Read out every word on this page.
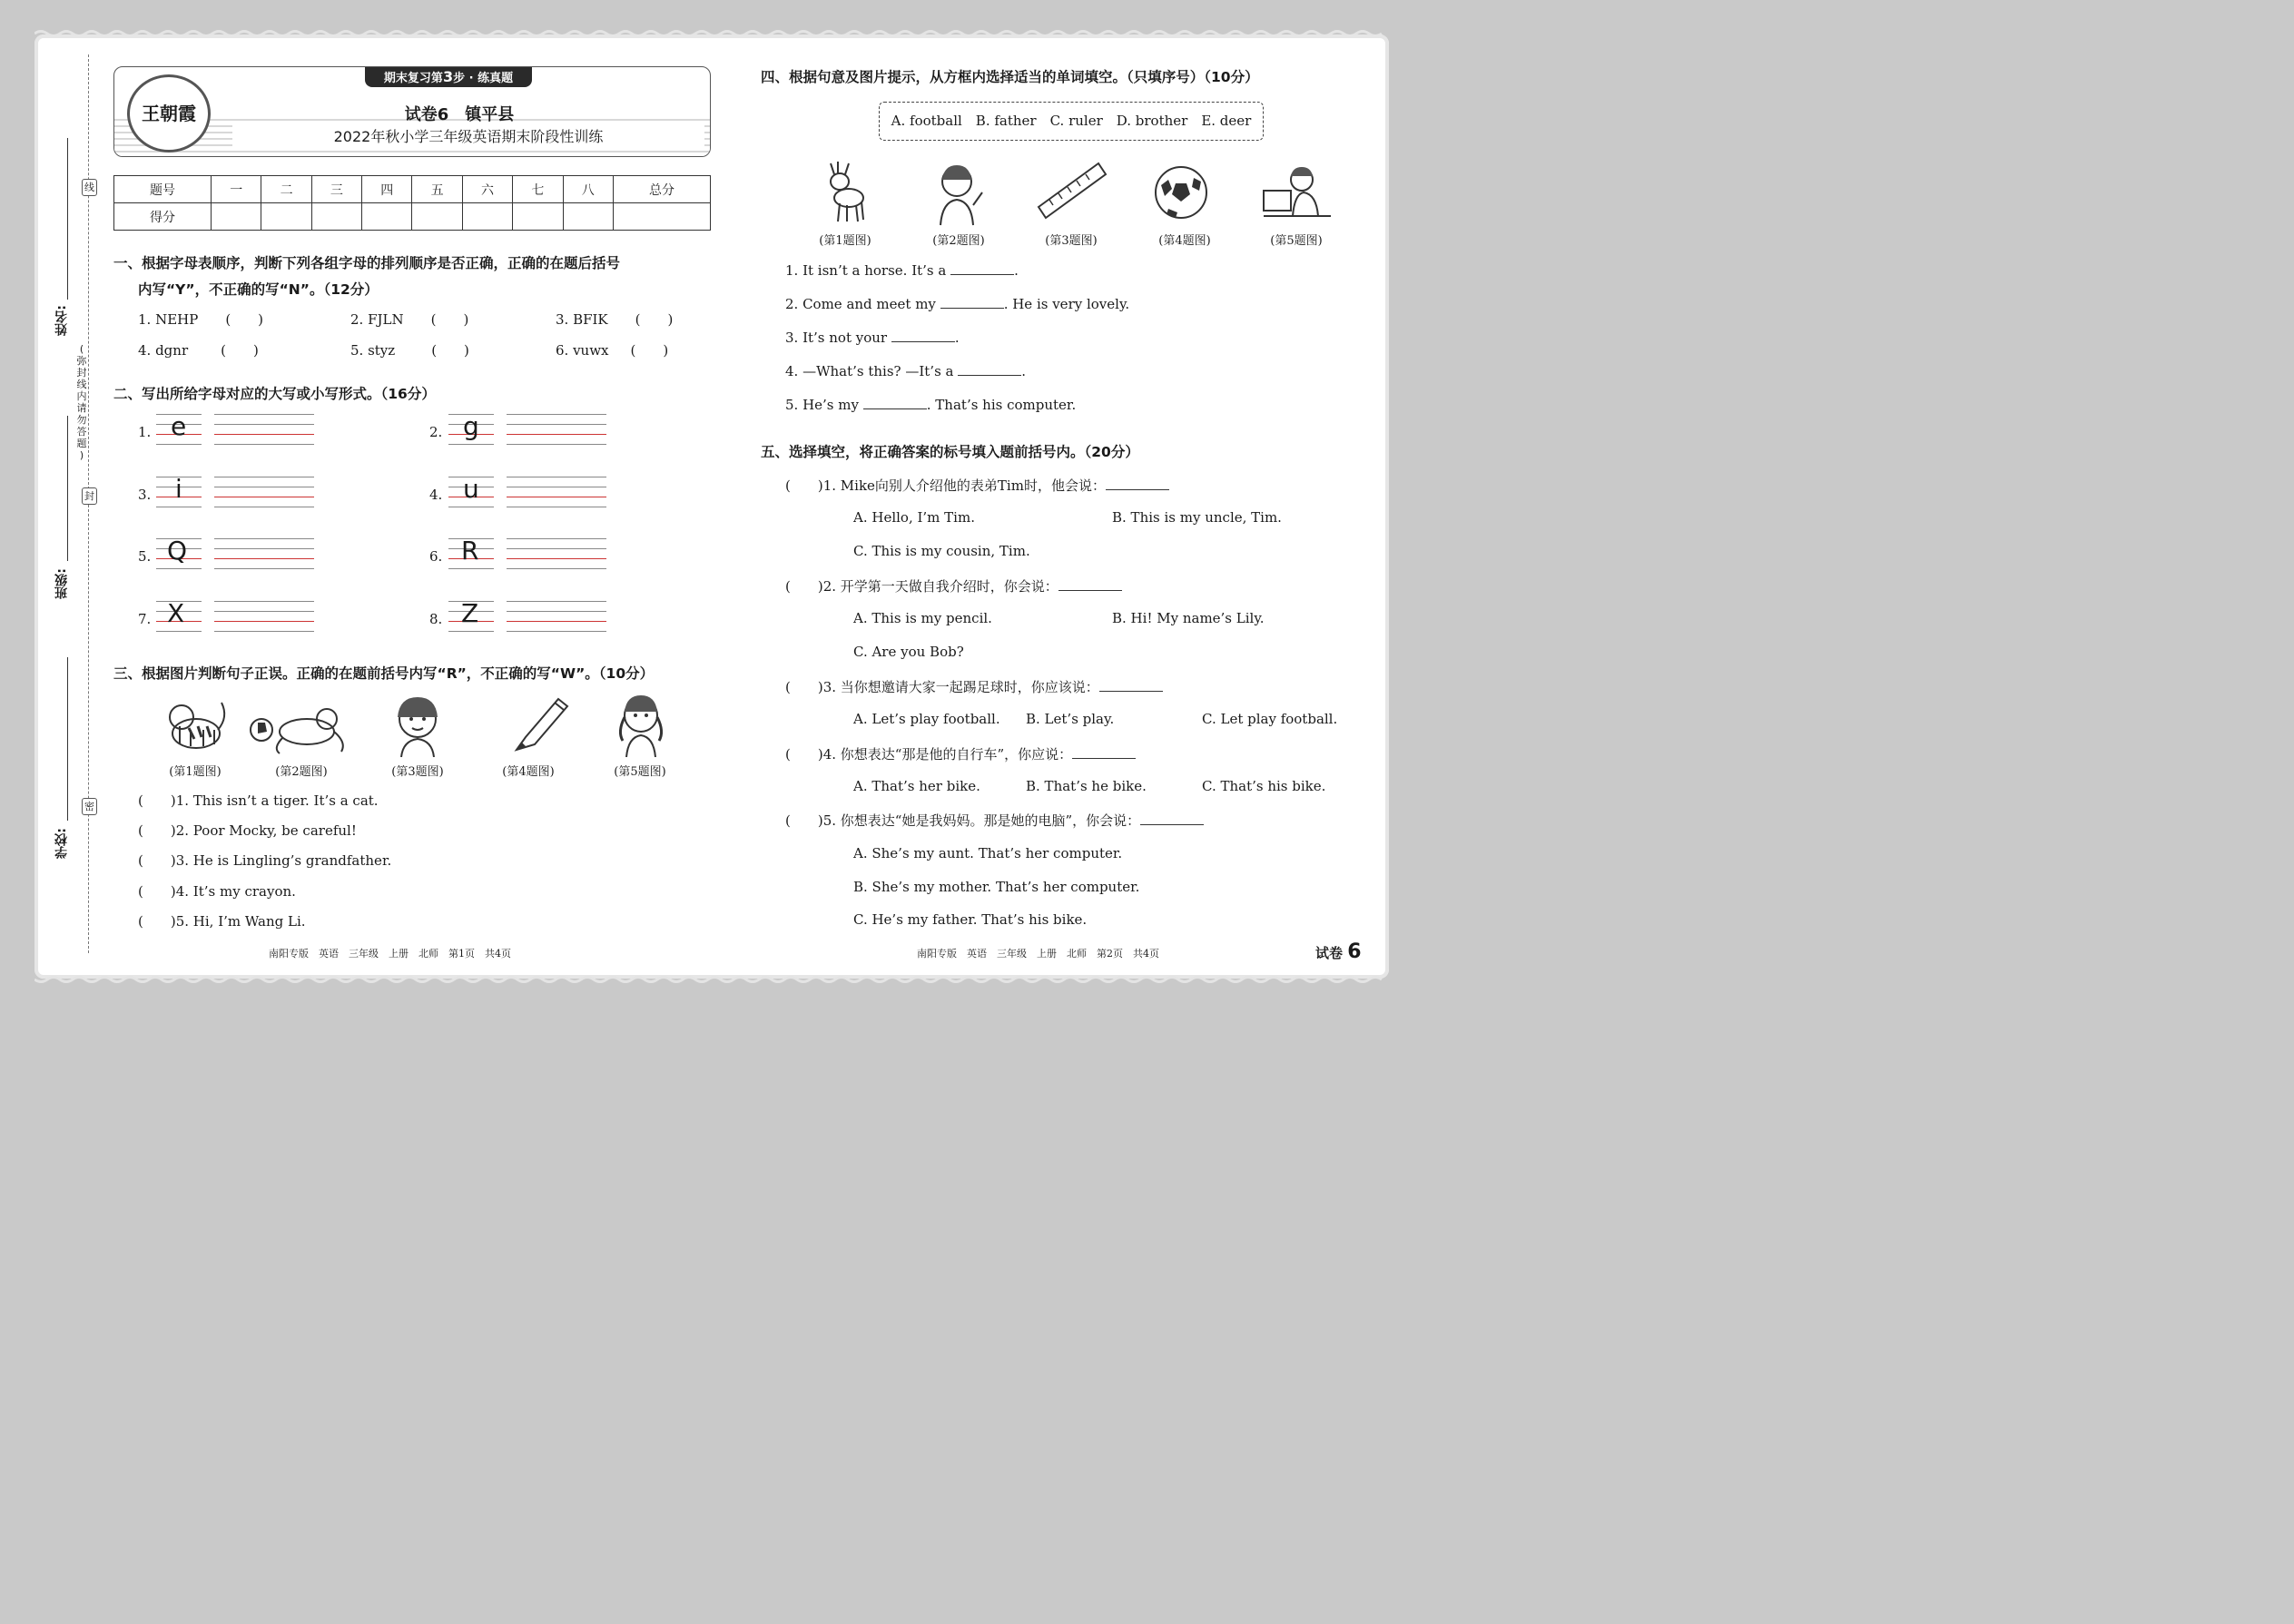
线
封
密
(
弥封线内请勿答题
)
姓名:
班级:
学校:
王朝霞
期末复习第3步 · 练真题
试卷6　镇平县
2022年秋小学三年级英语期末阶段性训练
题号	一	二	三	四	五	六	七	八	总分
得分									
一、根据字母表顺序，判断下列各组字母的排列顺序是否正确，正确的在题后括号
内写“Y”，不正确的写“N”。（12分）
1. NEHP (　　)	2. FJLN (　　)	3. BFIK (　　)
4. dgnr (　　)	5. styz	(　　)	6. vuwx (　　)
二、写出所给字母对应的大写或小写形式。（16分）
1. e	2. g
3. i	4. u
5. Q	6. R
7. X	8. Z
三、根据图片判断句子正误。正确的在题前括号内写“R”，不正确的写“W”。（10分）
(第1题图)	(第2题图)	(第3题图)	(第4题图)	(第5题图)
(　　)1. This isn’t a tiger. It’s a cat.
(　　)2. Poor Mocky, be careful!
(　　)3. He is Lingling’s grandfather.
(　　)4. It’s my crayon.
(　　)5. Hi, I’m Wang Li.
南阳专版　英语　三年级　上册　北师　第1页　共4页
四、根据句意及图片提示，从方框内选择适当的单词填空。（只填序号）（10分）
A. football　B. father　C. ruler　D. brother　E. deer
(第1题图)	(第2题图)	(第3题图)	(第4题图)	(第5题图)
1. It isn’t a horse. It’s a	.
2. Come and meet my	. He is very lovely.
3. It’s not your	.
4. —What’s this? —It’s a	.
5. He’s my	. That’s his computer.
五、选择填空，将正确答案的标号填入题前括号内。（20分）
(　　)1. Mike向别人介绍他的表弟Tim时，他会说：
A. Hello, I’m Tim.	B. This is my uncle, Tim.
C. This is my cousin, Tim.
(　　)2. 开学第一天做自我介绍时，你会说：
A. This is my pencil.	B. Hi! My name’s Lily.
C. Are you Bob?
(　　)3. 当你想邀请大家一起踢足球时，你应该说：
A. Let’s play football. B. Let’s play.	C. Let play football.
(　　)4. 你想表达“那是他的自行车”，你应说：
A. That’s her bike.	B. That’s he bike.	C. That’s his bike.
(　　)5. 你想表达“她是我妈妈。那是她的电脑”，你会说：
A. She’s my aunt. That’s her computer.
B. She’s my mother. That’s her computer.
C. He’s my father. That’s his bike.
南阳专版　英语　三年级　上册　北师　第2页　共4页	试卷 6
